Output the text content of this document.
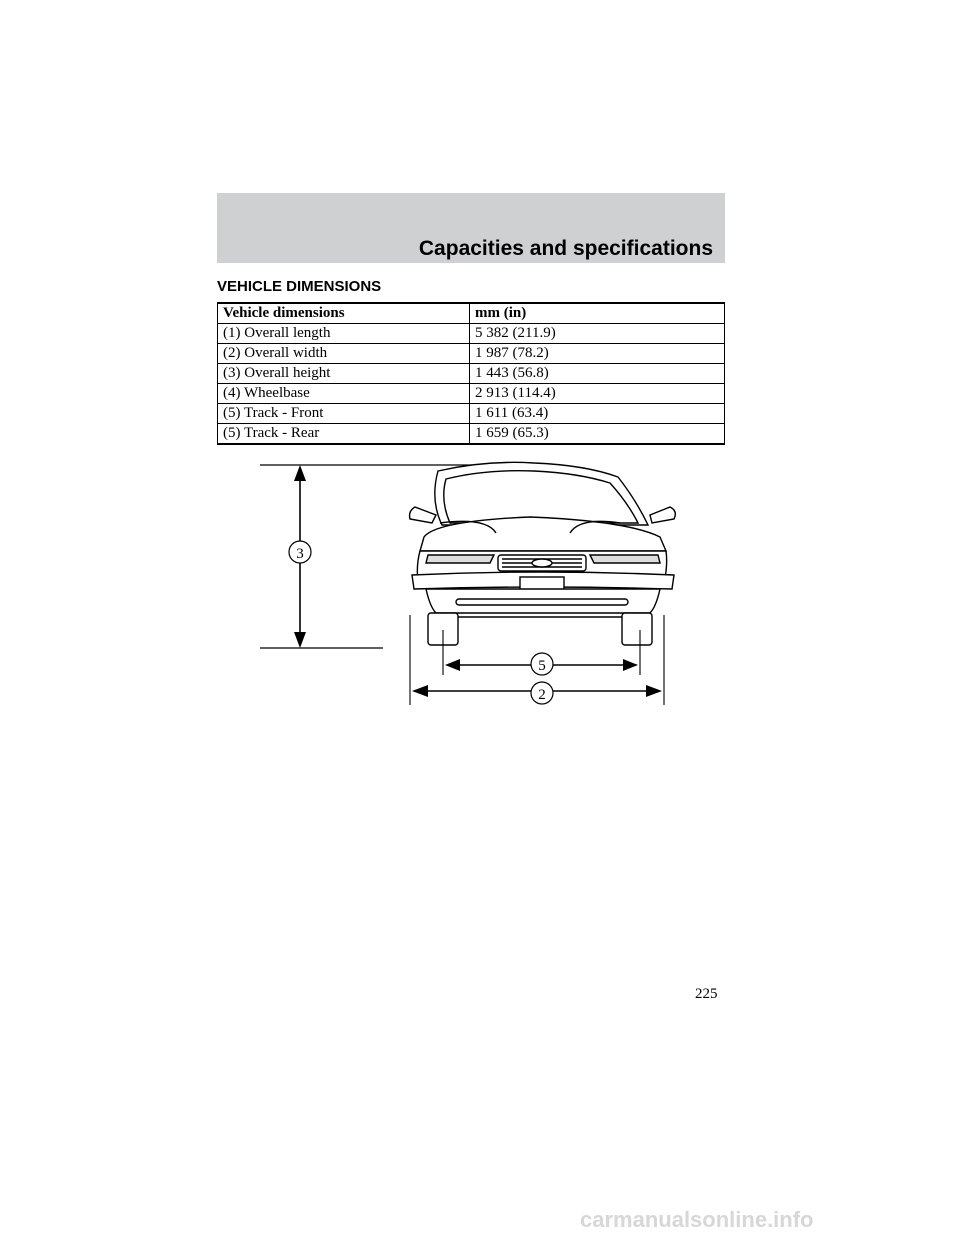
Capacities and specifications
VEHICLE DIMENSIONS
Vehicle dimensions	mm (in)
(1) Overall length	5 382 (211.9)
(2) Overall width	1 987 (78.2)
(3) Overall height	1 443 (56.8)
(4) Wheelbase	2 913 (114.4)
(5) Track - Front	1 611 (63.4)
(5) Track - Rear	1 659 (65.3)
3
5
2
225
carmanualsonline.info
